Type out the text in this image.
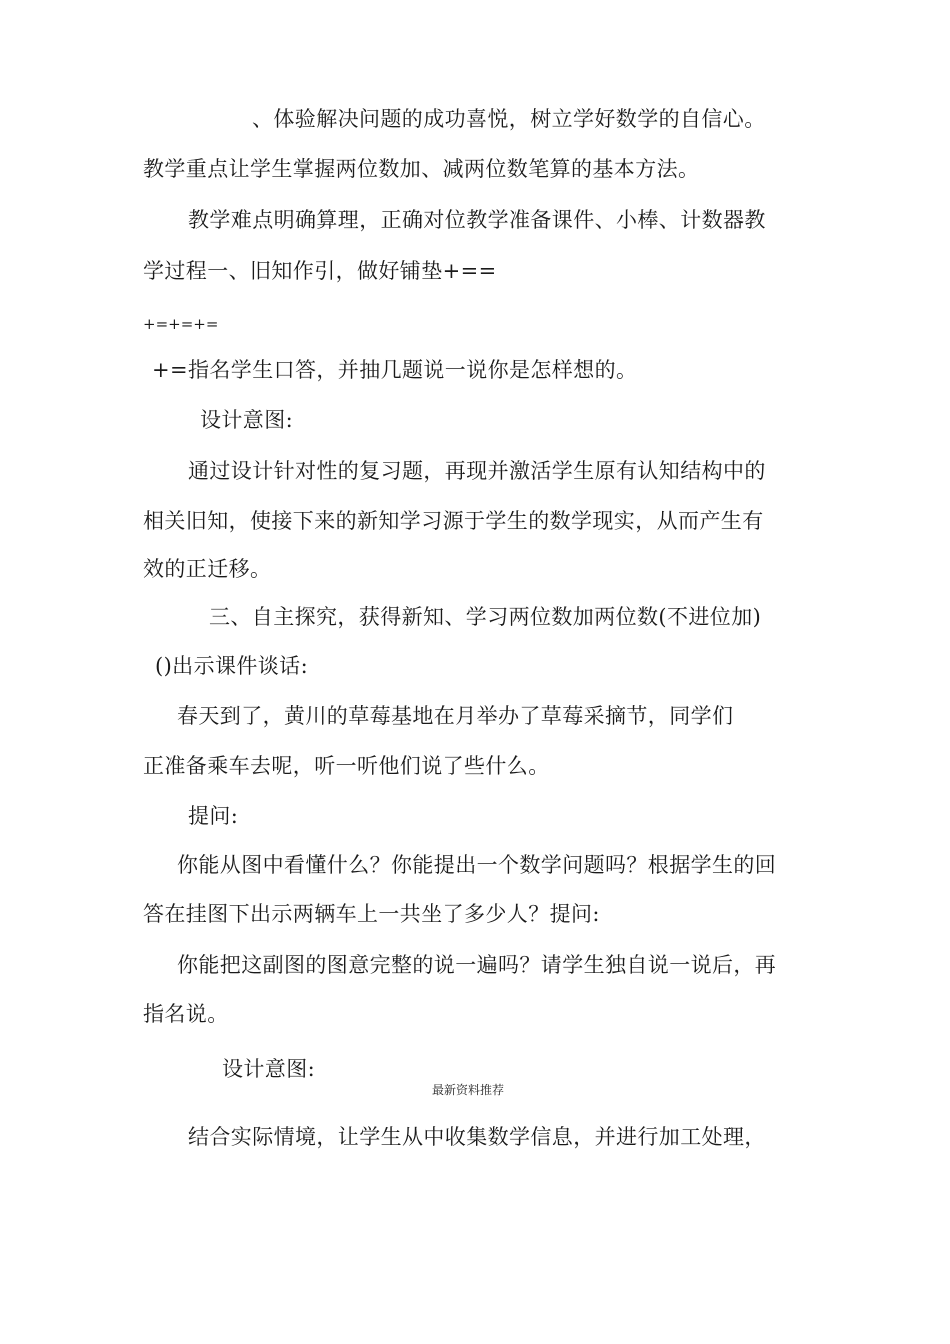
、体验解决问题的成功喜悦，树立学好数学的自信心。
教学重点让学生掌握两位数加、减两位数笔算的基本方法。
教学难点明确算理，正确对位教学准备课件、小棒、计数器教
学过程一、旧知作引，做好铺垫+==
+=+=+=
+=指名学生口答，并抽几题说一说你是怎样想的。
设计意图:
通过设计针对性的复习题，再现并激活学生原有认知结构中的
相关旧知，使接下来的新知学习源于学生的数学现实，从而产生有
效的正迁移。
三、自主探究，获得新知、学习两位数加两位数(不进位加)
()出示课件谈话:
春天到了，黄川的草莓基地在月举办了草莓采摘节，同学们
正准备乘车去呢，听一听他们说了些什么。
提问:
你能从图中看懂什么？你能提出一个数学问题吗？根据学生的回
答在挂图下出示两辆车上一共坐了多少人？提问:
你能把这副图的图意完整的说一遍吗？请学生独自说一说后，再
指名说。
设计意图:
最新资料推荐
结合实际情境，让学生从中收集数学信息，并进行加工处理，
